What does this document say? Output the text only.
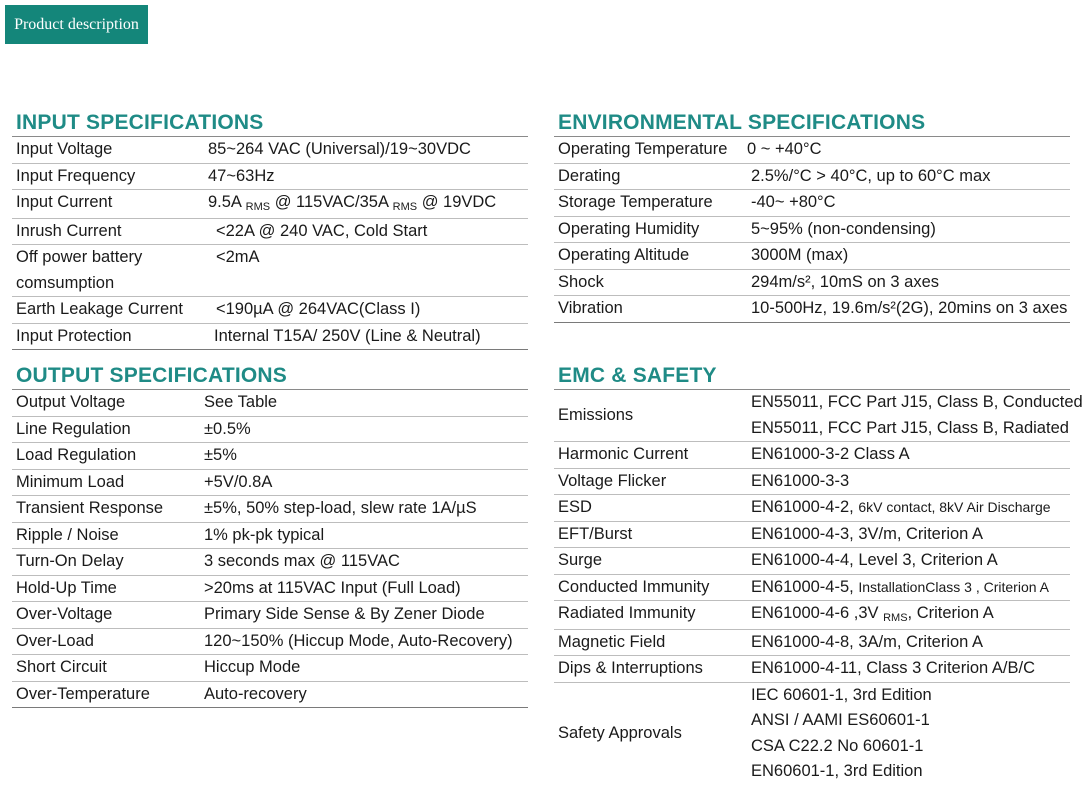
Product description
INPUT SPECIFICATIONS
Input Voltage	85~264 VAC (Universal)/19~30VDC
Input Frequency	47~63Hz
Input Current	9.5A RMS @ 115VAC/35A RMS @ 19VDC
Inrush Current	<22A @ 240 VAC, Cold Start
Off power battery comsumption	<2mA
Earth Leakage Current	<190µA @ 264VAC(Class I)
Input Protection	Internal T15A/ 250V (Line & Neutral)
OUTPUT SPECIFICATIONS
Output Voltage	See Table
Line Regulation	±0.5%
Load Regulation	±5%
Minimum Load	+5V/0.8A
Transient Response	±5%, 50% step-load, slew rate 1A/µS
Ripple / Noise	1% pk-pk typical
Turn-On Delay	3 seconds max @ 115VAC
Hold-Up Time	>20ms at 115VAC Input (Full Load)
Over-Voltage	Primary Side Sense & By Zener Diode
Over-Load	120~150% (Hiccup Mode, Auto-Recovery)
Short Circuit	Hiccup Mode
Over-Temperature	Auto-recovery
ENVIRONMENTAL SPECIFICATIONS
Operating Temperature	0 ~ +40°C
Derating	2.5%/°C > 40°C, up to 60°C max
Storage Temperature	-40~ +80°C
Operating Humidity	5~95% (non-condensing)
Operating Altitude	3000M (max)
Shock	294m/s², 10mS on 3 axes
Vibration	10-500Hz, 19.6m/s²(2G), 20mins on 3 axes
EMC & SAFETY
Emissions	EN55011, FCC Part J15, Class B, Conducted
EN55011, FCC Part J15, Class B, Radiated

Harmonic Current	EN61000-3-2 Class A
Voltage Flicker	EN61000-3-3
ESD	EN61000-4-2, 6kV contact, 8kV Air Discharge
EFT/Burst	EN61000-4-3, 3V/m, Criterion A
Surge	EN61000-4-4, Level 3, Criterion A
Conducted Immunity	EN61000-4-5, InstallationClass 3 , Criterion A
Radiated Immunity	EN61000-4-6 ,3V RMS, Criterion A
Magnetic Field	EN61000-4-8, 3A/m, Criterion A
Dips & Interruptions	EN61000-4-11, Class 3 Criterion A/B/C
Safety Approvals	IEC 60601-1, 3rd Edition
ANSI / AAMI ES60601-1
CSA C22.2 No 60601-1
EN60601-1, 3rd Edition
